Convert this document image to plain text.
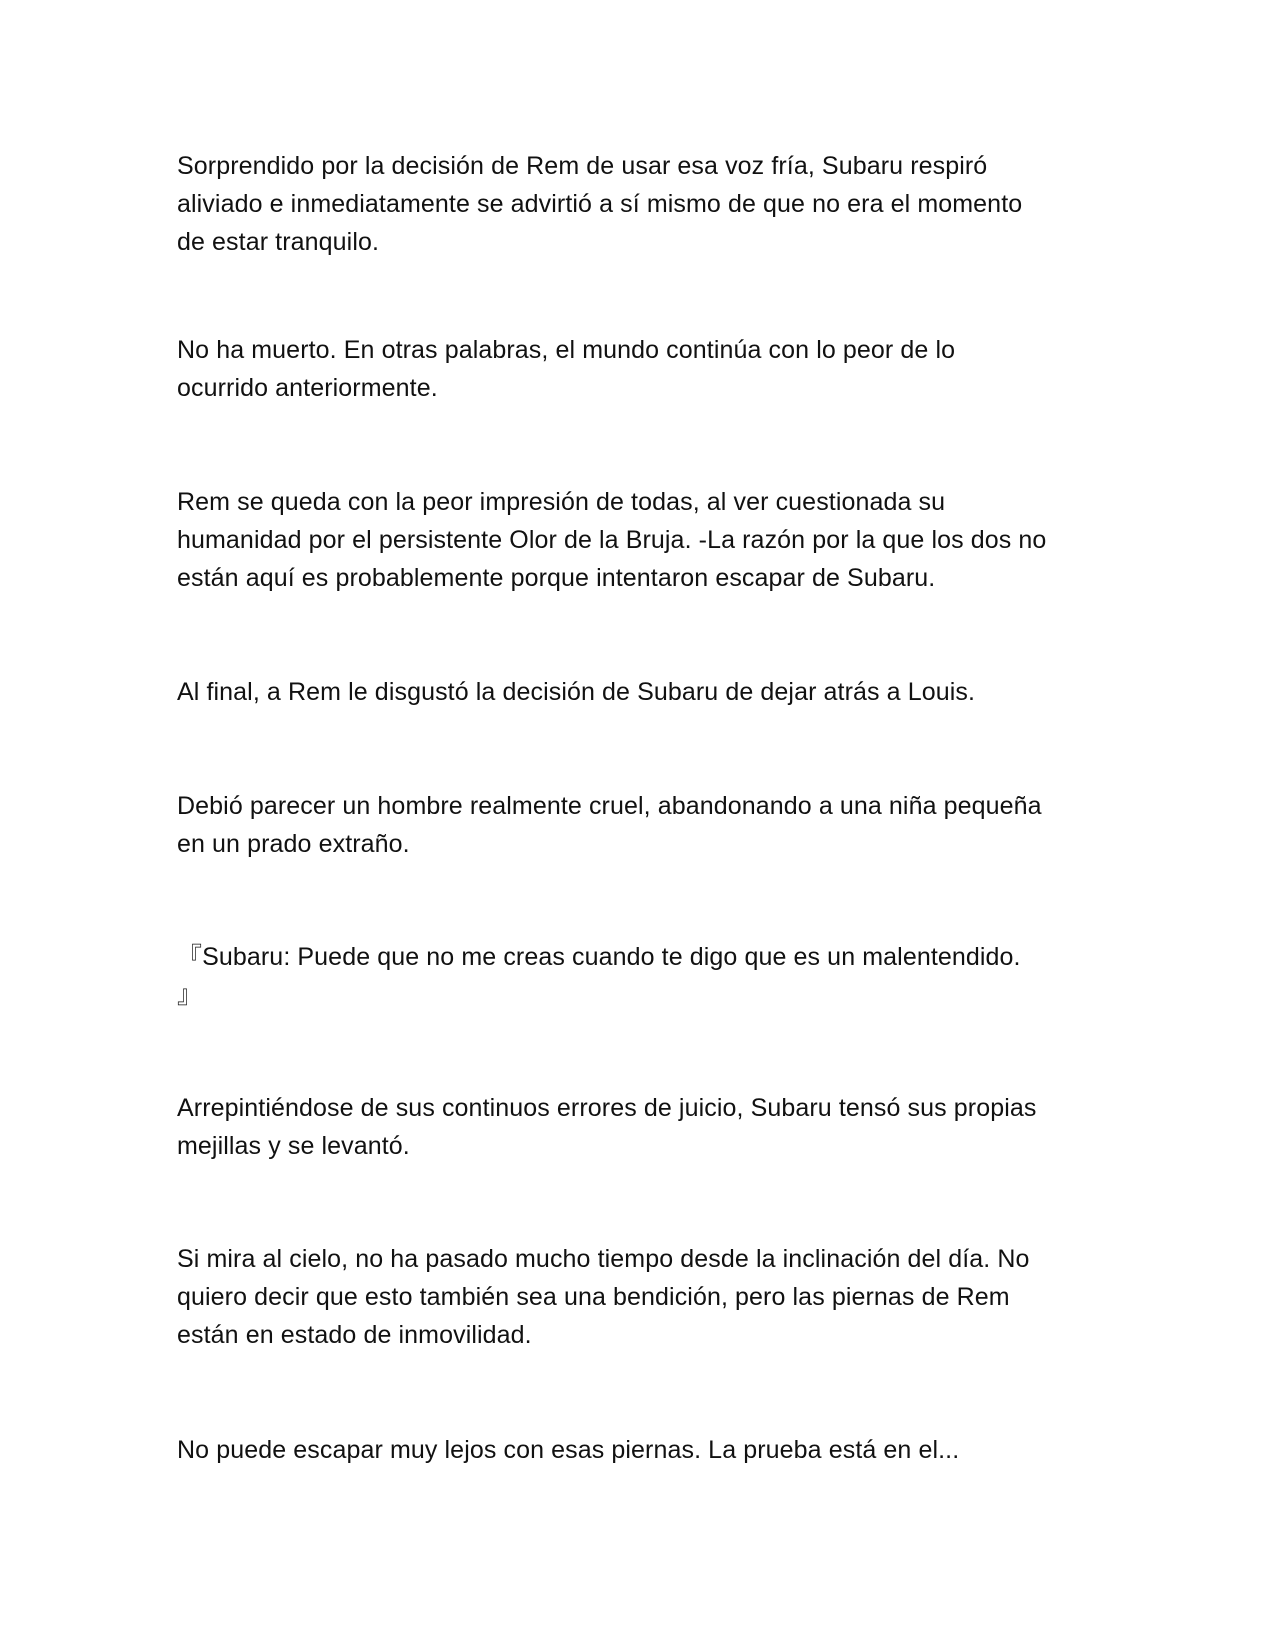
Sorprendido por la decisión de Rem de usar esa voz fría, Subaru respiró
aliviado e inmediatamente se advirtió a sí mismo de que no era el momento
de estar tranquilo.

No ha muerto. En otras palabras, el mundo continúa con lo peor de lo
ocurrido anteriormente.

Rem se queda con la peor impresión de todas, al ver cuestionada su
humanidad por el persistente Olor de la Bruja. -La razón por la que los dos no
están aquí es probablemente porque intentaron escapar de Subaru.

Al final, a Rem le disgustó la decisión de Subaru de dejar atrás a Louis.

Debió parecer un hombre realmente cruel, abandonando a una niña pequeña
en un prado extraño.

『Subaru: Puede que no me creas cuando te digo que es un malentendido.
』

Arrepintiéndose de sus continuos errores de juicio, Subaru tensó sus propias
mejillas y se levantó.

Si mira al cielo, no ha pasado mucho tiempo desde la inclinación del día. No
quiero decir que esto también sea una bendición, pero las piernas de Rem
están en estado de inmovilidad.

No puede escapar muy lejos con esas piernas. La prueba está en el...
